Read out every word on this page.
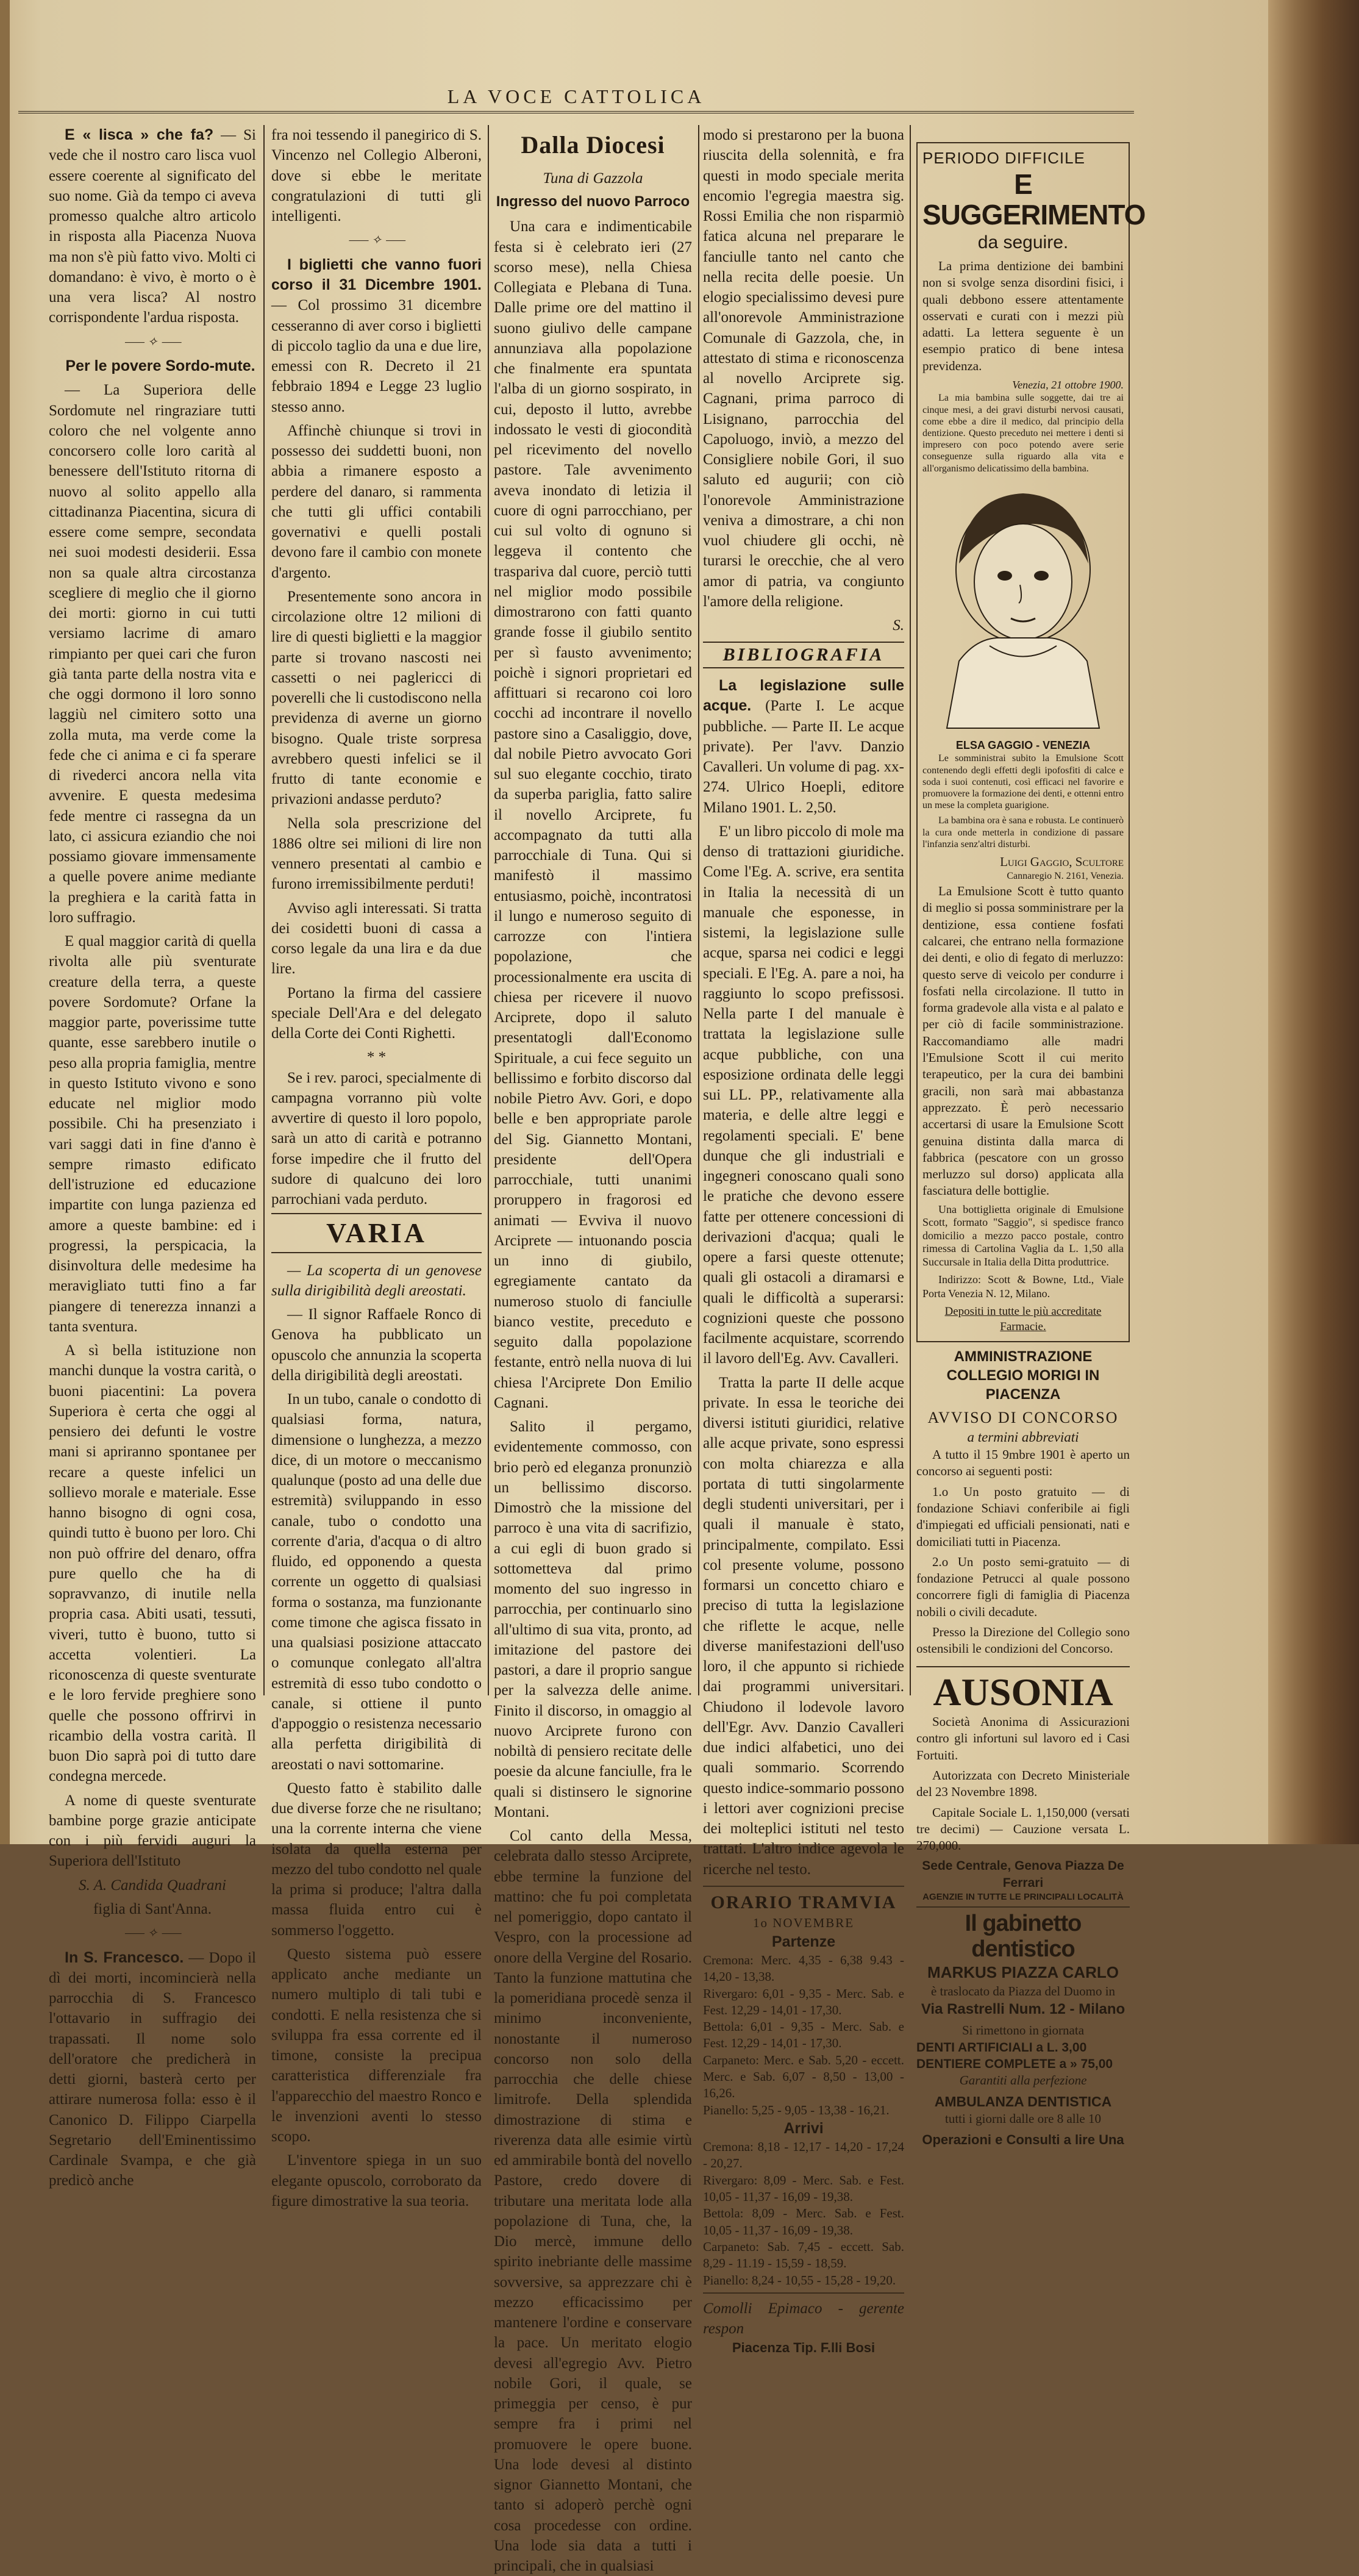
LA VOCE CATTOLICA

E « lisca » che fa? — Si vede che il nostro caro lisca vuol essere coerente al significato del suo nome. Già da tempo ci aveva promesso qualche altro articolo in risposta alla Piacenza Nuova ma non s'è più fatto vivo. Molti ci domandano: è vivo, è morto o è una vera lisca? Al nostro corrispondente l'ardua risposta.

⸺ ✧ ⸺

Per le povere Sordo-mute.

— La Superiora delle Sordomute nel ringraziare tutti coloro che nel volgente anno concorsero colle loro carità al benessere dell'Istituto ritorna di nuovo al solito appello alla cittadinanza Piacentina, sicura di essere come sempre, secondata nei suoi modesti desiderii. Essa non sa quale altra circostanza scegliere di meglio che il giorno dei morti: giorno in cui tutti versiamo lacrime di amaro rimpianto per quei cari che furon già tanta parte della nostra vita e che oggi dormono il loro sonno laggiù nel cimitero sotto una zolla muta, ma verde come la fede che ci anima e ci fa sperare di rivederci ancora nella vita avvenire. E questa medesima fede mentre ci rassegna da un lato, ci assicura eziandio che noi possiamo giovare immensamente a quelle povere anime mediante la preghiera e la carità fatta in loro suffragio.

E qual maggior carità di quella rivolta alle più sventurate creature della terra, a queste povere Sordomute? Orfane la maggior parte, poverissime tutte quante, esse sarebbero inutile o peso alla propria famiglia, mentre in questo Istituto vivono e sono educate nel miglior modo possibile. Chi ha presenziato i vari saggi dati in fine d'anno è sempre rimasto edificato dell'istruzione ed educazione impartite con lunga pazienza ed amore a queste bambine: ed i progressi, la perspicacia, la disinvoltura delle medesime ha meravigliato tutti fino a far piangere di tenerezza innanzi a tanta sventura.

A sì bella istituzione non manchi dunque la vostra carità, o buoni piacentini: La povera Superiora è certa che oggi al pensiero dei defunti le vostre mani si apriranno spontanee per recare a queste infelici un sollievo morale e materiale. Esse hanno bisogno di ogni cosa, quindi tutto è buono per loro. Chi non può offrire del denaro, offra pure quello che ha di sopravvanzo, di inutile nella propria casa. Abiti usati, tessuti, viveri, tutto è buono, tutto si accetta volentieri. La riconoscenza di queste sventurate e le loro fervide preghiere sono quelle che possono offrirvi in ricambio della vostra carità. Il buon Dio saprà poi di tutto dare condegna mercede.

A nome di queste sventurate bambine porge grazie anticipate con i più fervidi auguri la Superiora dell'Istituto

S. A. Candida Quadrani
figlia di Sant'Anna.
⸺ ✧ ⸺

In S. Francesco. — Dopo il dì dei morti, incomincierà nella parrocchia di S. Francesco l'ottavario in suffragio dei trapassati. Il nome solo dell'oratore che predicherà in detti giorni, basterà certo per attirare numerosa folla: esso è il Canonico D. Filippo Ciarpella Segretario dell'Eminentissimo Cardinale Svampa, e che già predicò anche

fra noi tessendo il panegirico di S. Vincenzo nel Collegio Alberoni, dove si ebbe le meritate congratulazioni di tutti gli intelligenti.

⸺ ✧ ⸺

I biglietti che vanno fuori corso il 31 Dicembre 1901. — Col prossimo 31 dicembre cesseranno di aver corso i biglietti di piccolo taglio da una e due lire, emessi con R. Decreto il 21 febbraio 1894 e Legge 23 luglio stesso anno.

Affinchè chiunque si trovi in possesso dei suddetti buoni, non abbia a rimanere esposto a perdere del danaro, si rammenta che tutti gli uffici contabili governativi e quelli postali devono fare il cambio con monete d'argento.

Presentemente sono ancora in circolazione oltre 12 milioni di lire di questi biglietti e la maggior parte si trovano nascosti nei cassetti o nei paglericci di poverelli che li custodiscono nella previdenza di averne un giorno bisogno. Quale triste sorpresa avrebbero questi infelici se il frutto di tante economie e privazioni andasse perduto?

Nella sola prescrizione del 1886 oltre sei milioni di lire non vennero presentati al cambio e furono irremissibilmente perduti!

Avviso agli interessati. Si tratta dei cosidetti buoni di cassa a corso legale da una lira e da due lire.

Portano la firma del cassiere speciale Dell'Ara e del delegato della Corte dei Conti Righetti.

* *

Se i rev. paroci, specialmente di campagna vorranno più volte avvertire di questo il loro popolo, sarà un atto di carità e potranno forse impedire che il frutto del sudore di qualcuno dei loro parrochiani vada perduto.

VARIA

— La scoperta di un genovese sulla dirigibilità degli areostati.

— Il signor Raffaele Ronco di Genova ha pubblicato un opuscolo che annunzia la scoperta della dirigibilità degli areostati.

In un tubo, canale o condotto di qualsiasi forma, natura, dimensione o lunghezza, a mezzo dice, di un motore o meccanismo qualunque (posto ad una delle due estremità) sviluppando in esso canale, tubo o condotto una corrente d'aria, d'acqua o di altro fluido, ed opponendo a questa corrente un oggetto di qualsiasi forma o sostanza, ma funzionante come timone che agisca fissato in una qualsiasi posizione attaccato o comunque conlegato all'altra estremità di esso tubo condotto o canale, si ottiene il punto d'appoggio o resistenza necessario alla perfetta dirigibilità di areostati o navi sottomarine.

Questo fatto è stabilito dalle due diverse forze che ne risultano; una la corrente interna che viene isolata da quella esterna per mezzo del tubo condotto nel quale la prima si produce; l'altra dalla massa fluida entro cui è sommerso l'oggetto.

Questo sistema può essere applicato anche mediante un numero multiplo di tali tubi e condotti. E nella resistenza che si sviluppa fra essa corrente ed il timone, consiste la precipua caratteristica differenziale fra l'apparecchio del maestro Ronco e le invenzioni aventi lo stesso scopo.

L'inventore spiega in un suo elegante opuscolo, corroborato da figure dimostrative la sua teoria.

Dalla Diocesi
Tuna di Gazzola
Ingresso del nuovo Parroco

Una cara e indimenticabile festa si è celebrato ieri (27 scorso mese), nella Chiesa Collegiata e Plebana di Tuna. Dalle prime ore del mattino il suono giulivo delle campane annunziava alla popolazione che finalmente era spuntata l'alba di un giorno sospirato, in cui, deposto il lutto, avrebbe indossato le vesti di giocondità pel ricevimento del novello pastore. Tale avvenimento aveva inondato di letizia il cuore di ogni parrocchiano, per cui sul volto di ognuno si leggeva il contento che traspariva dal cuore, perciò tutti nel miglior modo possibile dimostrarono con fatti quanto grande fosse il giubilo sentito per sì fausto avvenimento; poichè i signori proprietari ed affittuari si recarono coi loro cocchi ad incontrare il novello pastore sino a Casaliggio, dove, dal nobile Pietro avvocato Gori sul suo elegante cocchio, tirato da superba pariglia, fatto salire il novello Arciprete, fu accompagnato da tutti alla parrocchiale di Tuna. Qui si manifestò il massimo entusiasmo, poichè, incontratosi il lungo e numeroso seguito di carrozze con l'intiera popolazione, che processionalmente era uscita di chiesa per ricevere il nuovo Arciprete, dopo il saluto presentatogli dall'Economo Spirituale, a cui fece seguito un bellissimo e forbito discorso dal nobile Pietro Avv. Gori, e dopo belle e ben appropriate parole del Sig. Giannetto Montani, presidente dell'Opera parrocchiale, tutti unanimi proruppero in fragorosi ed animati — Evviva il nuovo Arciprete — intuonando poscia un inno di giubilo, egregiamente cantato da numeroso stuolo di fanciulle bianco vestite, preceduto e seguito dalla popolazione festante, entrò nella nuova di lui chiesa l'Arciprete Don Emilio Cagnani.

Salito il pergamo, evidentemente commosso, con brio però ed eleganza pronunziò un bellissimo discorso. Dimostrò che la missione del parroco è una vita di sacrifizio, a cui egli di buon grado si sottometteva dal primo momento del suo ingresso in parrocchia, per continuarlo sino all'ultimo di sua vita, pronto, ad imitazione del pastore dei pastori, a dare il proprio sangue per la salvezza delle anime. Finito il discorso, in omaggio al nuovo Arciprete furono con nobiltà di pensiero recitate delle poesie da alcune fanciulle, fra le quali si distinsero le signorine Montani.

Col canto della Messa, celebrata dallo stesso Arciprete, ebbe termine la funzione del mattino: che fu poi completata nel pomeriggio, dopo cantato il Vespro, con la processione ad onore della Vergine del Rosario. Tanto la funzione mattutina che la pomeridiana procedè senza il minimo inconveniente, nonostante il numeroso concorso non solo della parrocchia che delle chiese limitrofe. Della splendida dimostrazione di stima e riverenza data alle esimie virtù ed ammirabile bontà del novello Pastore, credo dovere di tributare una meritata lode alla popolazione di Tuna, che, la Dio mercè, immune dello spirito inebriante delle massime sovversive, sa apprezzare chi è mezzo efficacissimo per mantenere l'ordine e conservare la pace. Un meritato elogio devesi all'egregio Avv. Pietro nobile Gori, il quale, se primeggia per censo, è pur sempre fra i primi nel promuovere le opere buone. Una lode devesi al distinto signor Giannetto Montani, che tanto si adoperò perchè ogni cosa procedesse con ordine. Una lode sia data a tutti i principali, che in qualsiasi

modo si prestarono per la buona riuscita della solennità, e fra questi in modo speciale merita encomio l'egregia maestra sig. Rossi Emilia che non risparmiò fatica alcuna nel preparare le fanciulle tanto nel canto che nella recita delle poesie. Un elogio specialissimo devesi pure all'onorevole Amministrazione Comunale di Gazzola, che, in attestato di stima e riconoscenza al novello Arciprete sig. Cagnani, prima parroco di Lisignano, parrocchia del Capoluogo, inviò, a mezzo del Consigliere nobile Gori, il suo saluto ed augurii; con ciò l'onorevole Amministrazione veniva a dimostrare, a chi non vuol chiudere gli occhi, nè turarsi le orecchie, che al vero amor di patria, va congiunto l'amore della religione.

S.
BIBLIOGRAFIA

La legislazione sulle acque. (Parte I. Le acque pubbliche. — Parte II. Le acque private). Per l'avv. Danzio Cavalleri. Un volume di pag. xx-274. Ulrico Hoepli, editore Milano 1901. L. 2,50.

E' un libro piccolo di mole ma denso di trattazioni giuridiche. Come l'Eg. A. scrive, era sentita in Italia la necessità di un manuale che esponesse, in sistemi, la legislazione sulle acque, sparsa nei codici e leggi speciali. E l'Eg. A. pare a noi, ha raggiunto lo scopo prefissosi. Nella parte I del manuale è trattata la legislazione sulle acque pubbliche, con una esposizione ordinata delle leggi sui LL. PP., relativamente alla materia, e delle altre leggi e regolamenti speciali. E' bene dunque che gli industriali e ingegneri conoscano quali sono le pratiche che devono essere fatte per ottenere concessioni di derivazioni d'acqua; quali le opere a farsi queste ottenute; quali gli ostacoli a diramarsi e quali le difficoltà a superarsi: cognizioni queste che possono facilmente acquistare, scorrendo il lavoro dell'Eg. Avv. Cavalleri.

Tratta la parte II delle acque private. In essa le teoriche dei diversi istituti giuridici, relative alle acque private, sono espressi con molta chiarezza e alla portata di tutti singolarmente degli studenti universitari, per i quali il manuale è stato, principalmente, compilato. Essi col presente volume, possono formarsi un concetto chiaro e preciso di tutta la legislazione che riflette le acque, nelle diverse manifestazioni dell'uso loro, il che appunto si richiede dai programmi universitari. Chiudono il lodevole lavoro dell'Egr. Avv. Danzio Cavalleri due indici alfabetici, uno dei quali sommario. Scorrendo questo indice-sommario possono i lettori aver cognizioni precise dei molteplici istituti nel testo trattati. L'altro indice agevola le ricerche nel testo.

ORARIO TRAMVIA
1o NOVEMBRE
Partenze
Cremona: Merc. 4,35 - 6,38 9.43 - 14,20 - 13,38.
Rivergaro: 6,01 - 9,35 - Merc. Sab. e Fest. 12,29 - 14,01 - 17,30.
Bettola: 6,01 - 9,35 - Merc. Sab. e Fest. 12,29 - 14,01 - 17,30.
Carpaneto: Merc. e Sab. 5,20 - eccett. Merc. e Sab. 6,07 - 8,50 - 13,00 - 16,26.
Pianello: 5,25 - 9,05 - 13,38 - 16,21.
Arrivi
Cremona: 8,18 - 12,17 - 14,20 - 17,24 - 20,27.
Rivergaro: 8,09 - Merc. Sab. e Fest. 10,05 - 11,37 - 16,09 - 19,38.
Bettola: 8,09 - Merc. Sab. e Fest. 10,05 - 11,37 - 16,09 - 19,38.
Carpaneto: Sab. 7,45 - eccett. Sab. 8,29 - 11.19 - 15,59 - 18,59.
Pianello: 8,24 - 10,55 - 15,28 - 19,20.
Comolli Epimaco - gerente respon
Piacenza Tip. F.lli Bosi
PERIODO DIFFICILE
E SUGGERIMENTO
da seguire.

La prima dentizione dei bambini non si svolge senza disordini fisici, i quali debbono essere attentamente osservati e curati con i mezzi più adatti. La lettera seguente è un esempio pratico di bene intesa previdenza.

Venezia, 21 ottobre 1900.

La mia bambina sulle soggette, dai tre ai cinque mesi, a dei gravi disturbi nervosi causati, come ebbe a dire il medico, dal principio della dentizione. Questo preceduto nei mettere i denti si impresero con poco potendo avere serie conseguenze sulla riguardo alla vita e all'organismo delicatissimo della bambina.

ELSA GAGGIO - VENEZIA

Le somministrai subito la Emulsione Scott contenendo degli effetti degli ipofosfiti di calce e soda i suoi contenuti, così efficaci nel favorire e promuovere la formazione dei denti, e ottenni entro un mese la completa guarigione.

La bambina ora è sana e robusta. Le continuerò la cura onde metterla in condizione di passare l'infanzia senz'altri disturbi.

Luigi Gaggio, Scultore
Cannaregio N. 2161, Venezia.

La Emulsione Scott è tutto quanto di meglio si possa somministrare per la dentizione, essa contiene fosfati calcarei, che entrano nella formazione dei denti, e olio di fegato di merluzzo: questo serve di veicolo per condurre i fosfati nella circolazione. Il tutto in forma gradevole alla vista e al palato e per ciò di facile somministrazione. Raccomandiamo alle madri l'Emulsione Scott il cui merito terapeutico, per la cura dei bambini gracili, non sarà mai abbastanza apprezzato. È però necessario accertarsi di usare la Emulsione Scott genuina distinta dalla marca di fabbrica (pescatore con un grosso merluzzo sul dorso) applicata alla fasciatura delle bottiglie.

Una bottiglietta originale di Emulsione Scott, formato "Saggio", si spedisce franco domicilio a mezzo pacco postale, contro rimessa di Cartolina Vaglia da L. 1,50 alla Succursale in Italia della Ditta produttrice.

Indirizzo: Scott & Bowne, Ltd., Viale Porta Venezia N. 12, Milano.

Depositi in tutte le più accreditate Farmacie.
AMMINISTRAZIONE COLLEGIO MORIGI IN PIACENZA
AVVISO DI CONCORSO
a termini abbreviati

A tutto il 15 9mbre 1901 è aperto un concorso ai seguenti posti:

1.o Un posto gratuito — di fondazione Schiavi conferibile ai figli d'impiegati ed ufficiali pensionati, nati e domiciliati tutti in Piacenza.

2.o Un posto semi-gratuito — di fondazione Petrucci al quale possono concorrere figli di famiglia di Piacenza nobili o civili decadute.

Presso la Direzione del Collegio sono ostensibili le condizioni del Concorso.

AUSONIA

Società Anonima di Assicurazioni contro gli infortuni sul lavoro ed i Casi Fortuiti.

Autorizzata con Decreto Ministeriale del 23 Novembre 1898.

Capitale Sociale L. 1,150,000 (versati tre decimi) — Cauzione versata L. 270,000.

Sede Centrale, Genova Piazza De Ferrari
AGENZIE IN TUTTE LE PRINCIPALI LOCALITÀ
Il gabinetto dentistico
MARKUS PIAZZA CARLO
è traslocato da Piazza del Duomo in
Via Rastrelli Num. 12 - Milano
Si rimettono in giornata
DENTI ARTIFICIALI a L. 3,00
DENTIERE COMPLETE a » 75,00
Garantiti alla perfezione
AMBULANZA DENTISTICA
tutti i giorni dalle ore 8 alle 10
Operazioni e Consulti a lire Una
